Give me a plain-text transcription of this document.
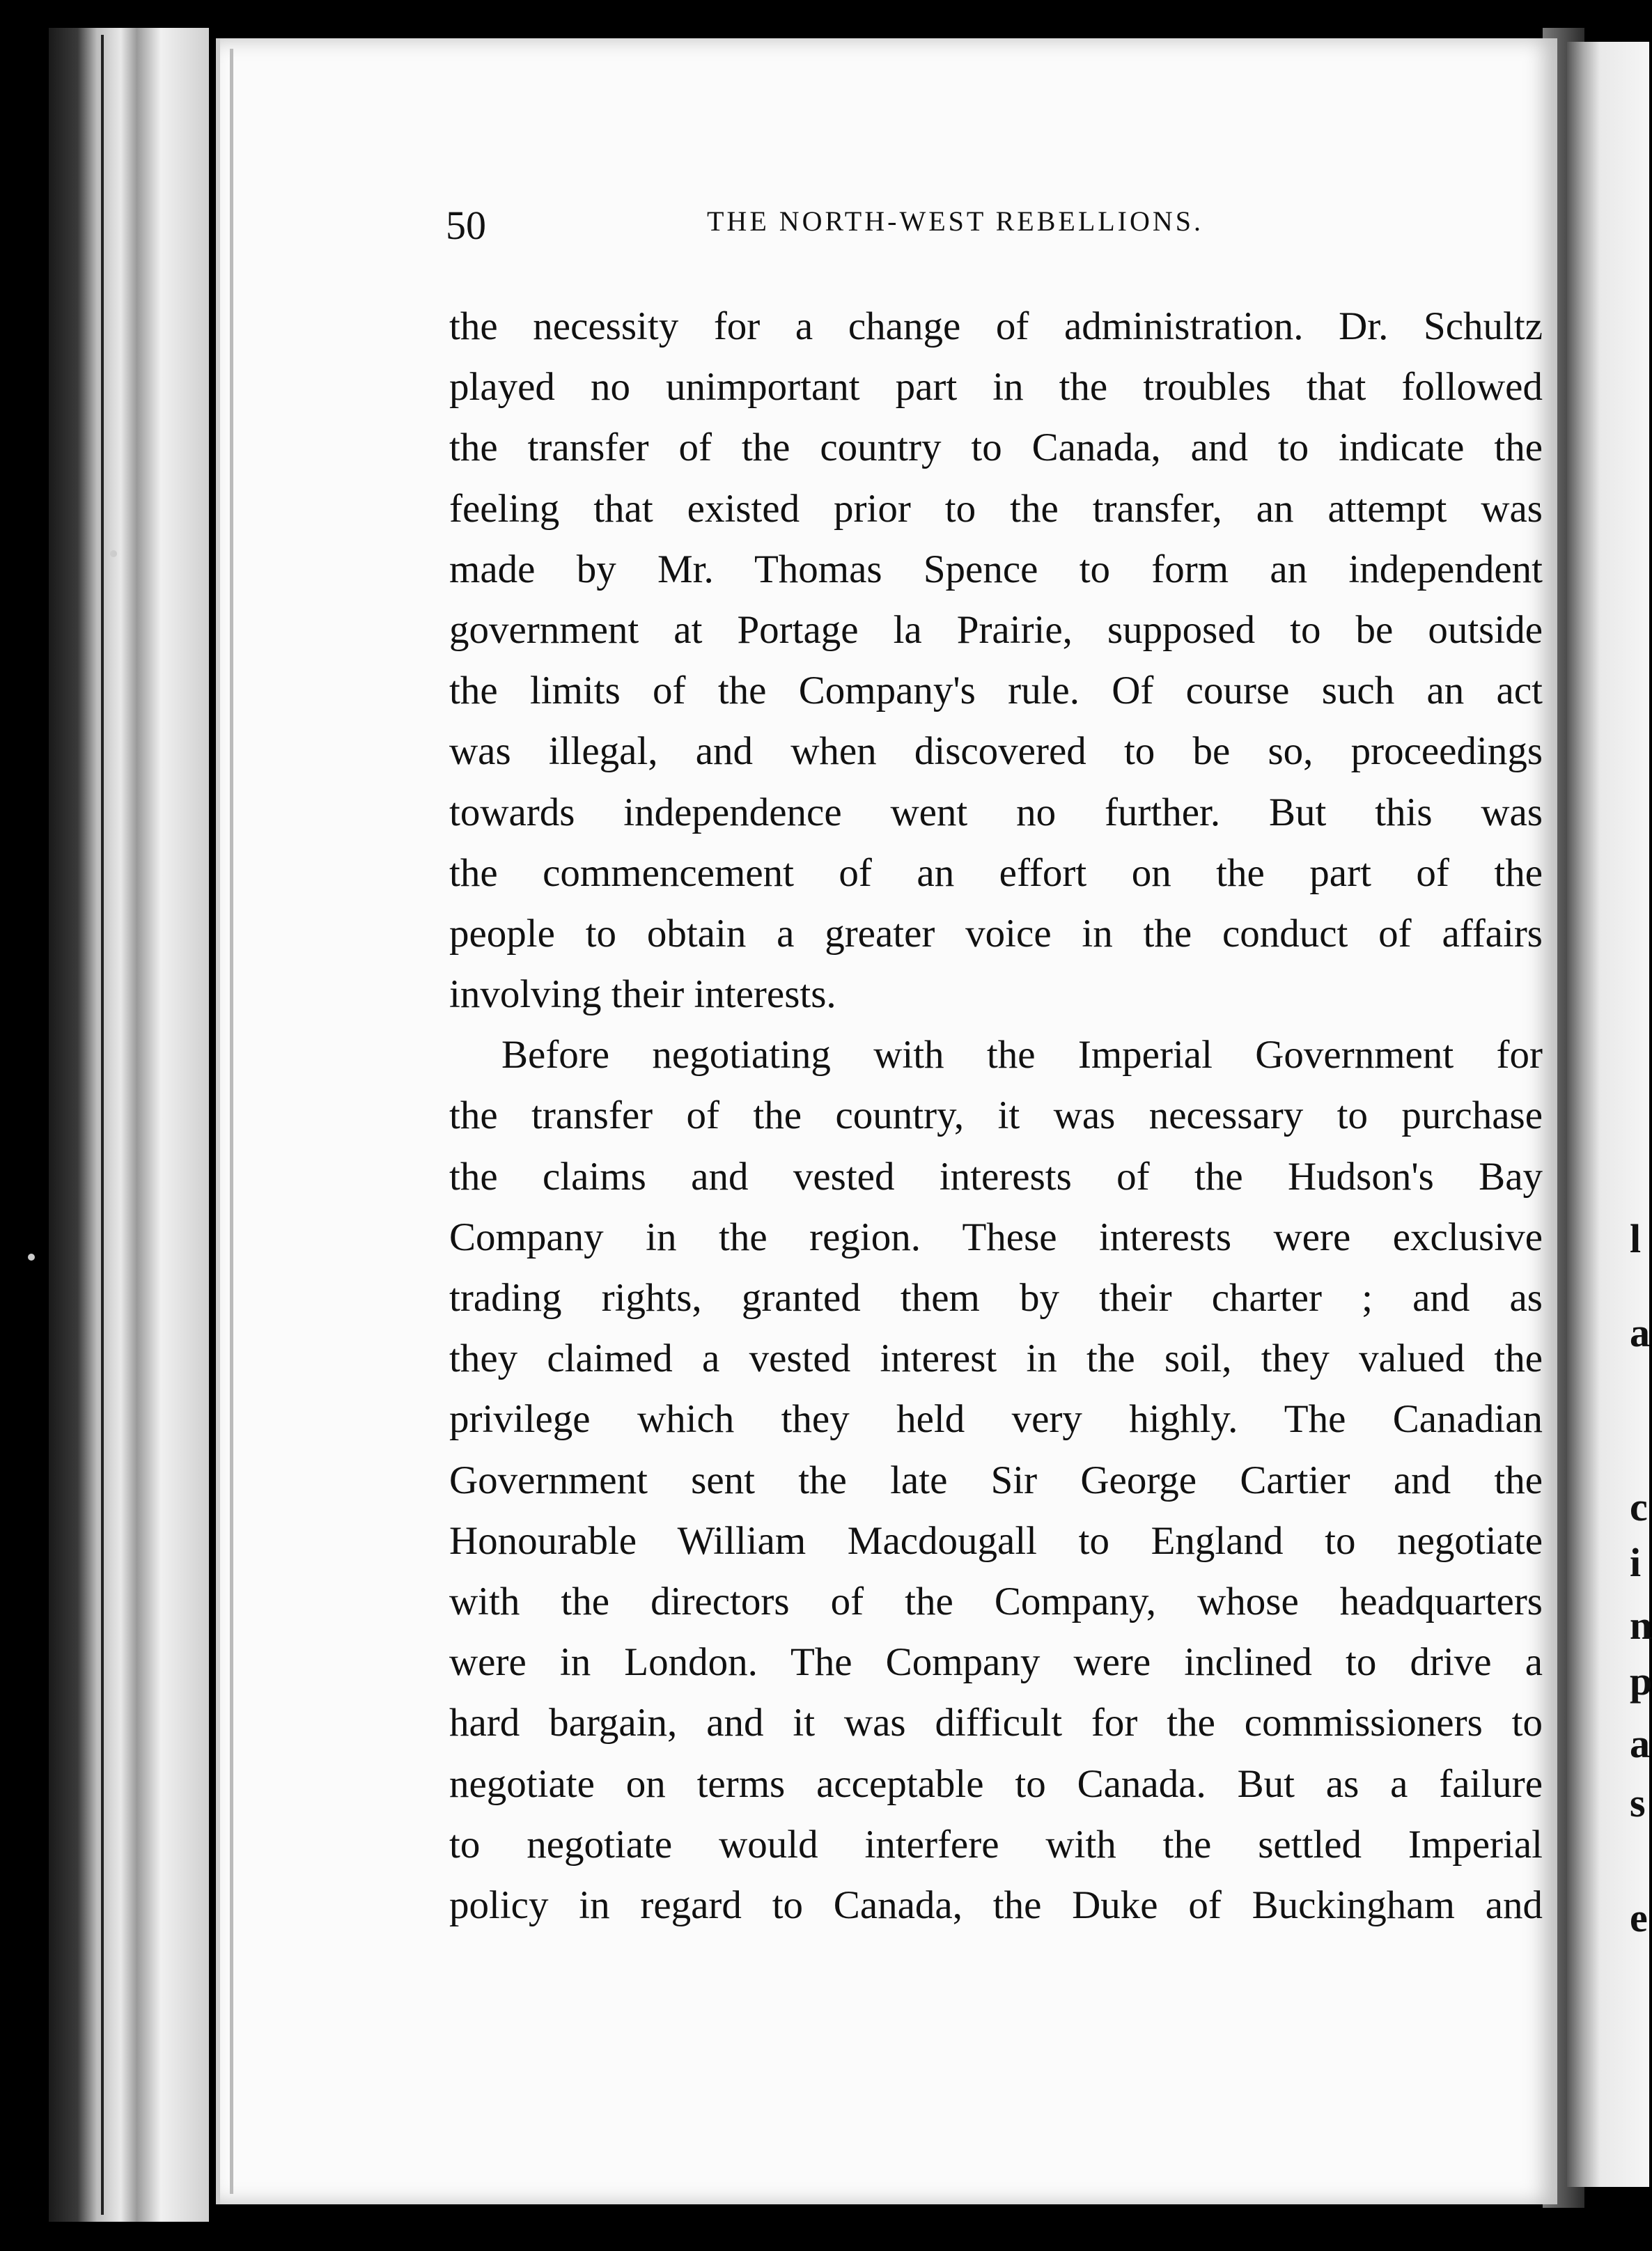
50	THE NORTH-WEST REBELLIONS.
the necessity for a change of administration. Dr. Schultz
played no unimportant part in the troubles that followed
the transfer of the country to Canada, and to indicate the
feeling that existed prior to the transfer, an attempt was
made by Mr. Thomas Spence to form an independent
government at Portage la Prairie, supposed to be outside
the limits of the Company's rule. Of course such an act
was illegal, and when discovered to be so, proceedings
towards independence went no further. But this was
the commencement of an effort on the part of the
people to obtain a greater voice in the conduct of affairs
involving their interests.
Before negotiating with the Imperial Government for
the transfer of the country, it was necessary to purchase
the claims and vested interests of the Hudson's Bay
Company in the region. These interests were exclusive
trading rights, granted them by their charter ; and as
they claimed a vested interest in the soil, they valued the
privilege which they held very highly. The Canadian
Government sent the late Sir George Cartier and the
Honourable William Macdougall to England to negotiate
with the directors of the Company, whose headquarters
were in London. The Company were inclined to drive a
hard bargain, and it was difficult for the commissioners to
negotiate on terms acceptable to Canada. But as a failure
to negotiate would interfere with the settled Imperial
policy in regard to Canada, the Duke of Buckingham and
l
a
c
i
n
p
a
s
e
